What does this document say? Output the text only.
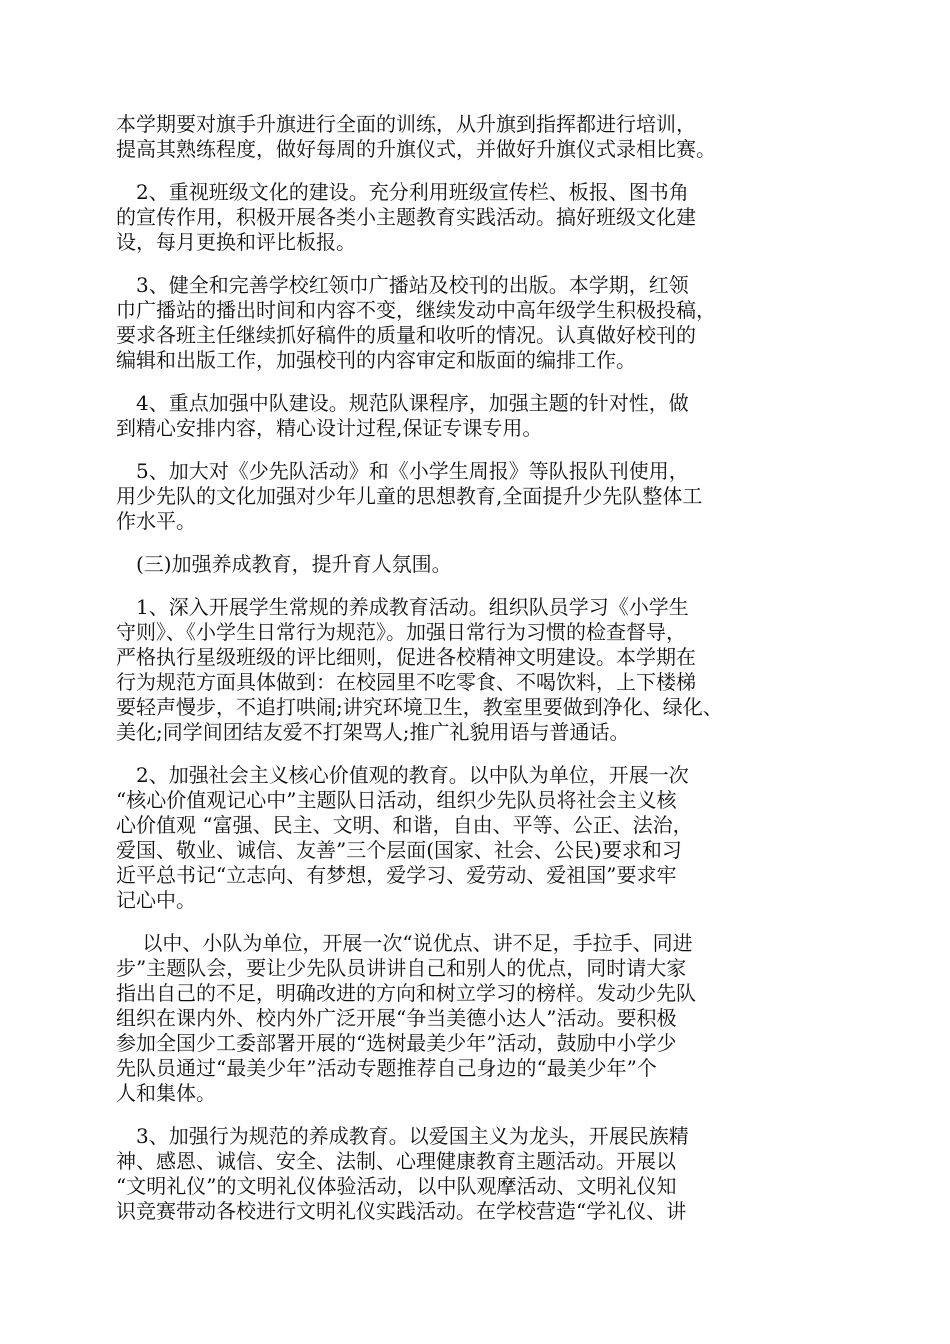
本学期要对旗手升旗进行全面的训练，从升旗到指挥都进行培训，
提高其熟练程度，做好每周的升旗仪式，并做好升旗仪式录相比赛。

　2、重视班级文化的建设。充分利用班级宣传栏、板报、图书角
的宣传作用，积极开展各类小主题教育实践活动。搞好班级文化建
设，每月更换和评比板报。

　3、健全和完善学校红领巾广播站及校刊的出版。本学期，红领
巾广播站的播出时间和内容不变，继续发动中高年级学生积极投稿，
要求各班主任继续抓好稿件的质量和收听的情况。认真做好校刊的
编辑和出版工作，加强校刊的内容审定和版面的编排工作。

　4、重点加强中队建设。规范队课程序，加强主题的针对性，做
到精心安排内容，精心设计过程,保证专课专用。

　5、加大对《少先队活动》和《小学生周报》等队报队刊使用，
用少先队的文化加强对少年儿童的思想教育,全面提升少先队整体工
作水平。

　(三)加强养成教育，提升育人氛围。

　1、深入开展学生常规的养成教育活动。组织队员学习《小学生
守则》、《小学生日常行为规范》。加强日常行为习惯的检查督导，
严格执行星级班级的评比细则，促进各校精神文明建设。本学期在
行为规范方面具体做到：在校园里不吃零食、不喝饮料，上下楼梯
要轻声慢步，不追打哄闹;讲究环境卫生，教室里要做到净化、绿化、
美化;同学间团结友爱不打架骂人;推广礼貌用语与普通话。

　2、加强社会主义核心价值观的教育。以中队为单位，开展一次
“核心价值观记心中”主题队日活动，组织少先队员将社会主义核
心价值观 “富强、民主、文明、和谐，自由、平等、公正、法治，
爱国、敬业、诚信、友善”三个层面(国家、社会、公民)要求和习
近平总书记“立志向、有梦想，爱学习、爱劳动、爱祖国”要求牢
记心中。

　 以中、小队为单位，开展一次“说优点、讲不足，手拉手、同进
步”主题队会，要让少先队员讲讲自己和别人的优点，同时请大家
指出自己的不足，明确改进的方向和树立学习的榜样。发动少先队
组织在课内外、校内外广泛开展“争当美德小达人”活动。要积极
参加全国少工委部署开展的“选树最美少年”活动，鼓励中小学少
先队员通过“最美少年”活动专题推荐自己身边的“最美少年”个
人和集体。

　3、加强行为规范的养成教育。以爱国主义为龙头，开展民族精
神、感恩、诚信、安全、法制、心理健康教育主题活动。开展以
“文明礼仪”的文明礼仪体验活动，以中队观摩活动、文明礼仪知
识竞赛带动各校进行文明礼仪实践活动。在学校营造“学礼仪、讲
